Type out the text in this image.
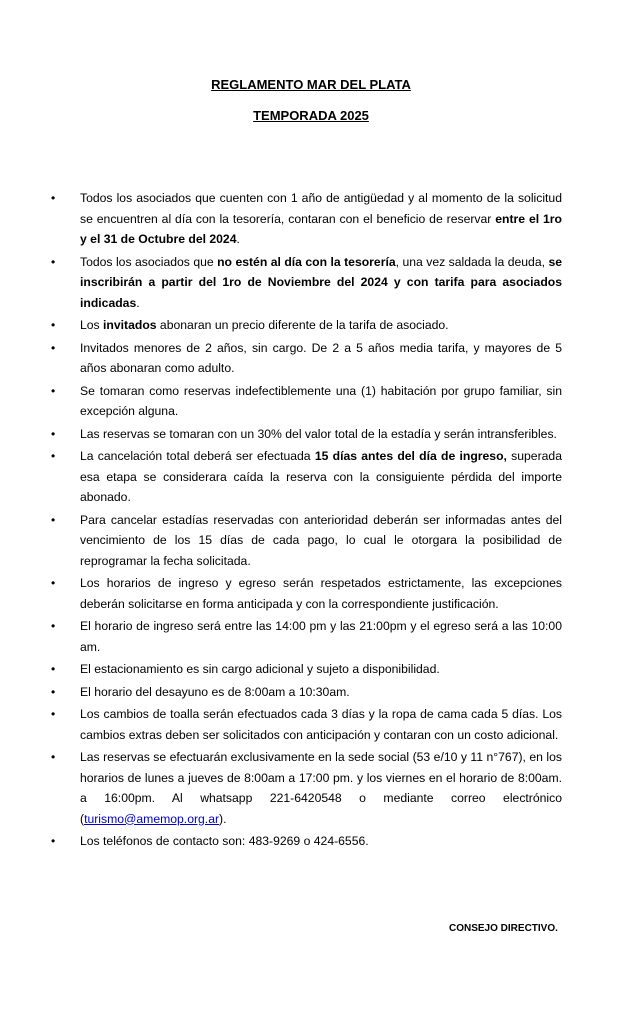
REGLAMENTO MAR DEL PLATA
TEMPORADA 2025
• Todos los asociados que cuenten con 1 año de antigüedad y al momento de la solicitud se encuentren al día con la tesorería, contaran con el beneficio de reservar entre el 1ro y el 31 de Octubre del 2024.
• Todos los asociados que no estén al día con la tesorería, una vez saldada la deuda, se inscribirán a partir del 1ro de Noviembre del 2024 y con tarifa para asociados indicadas.
• Los invitados abonaran un precio diferente de la tarifa de asociado.
• Invitados menores de 2 años, sin cargo. De 2 a 5 años media tarifa, y mayores de 5 años abonaran como adulto.
• Se tomaran como reservas indefectiblemente una (1) habitación por grupo familiar, sin excepción alguna.
• Las reservas se tomaran con un 30% del valor total de la estadía y serán intransferibles.
• La cancelación total deberá ser efectuada 15 días antes del día de ingreso, superada esa etapa se considerara caída la reserva con la consiguiente pérdida del importe abonado.
• Para cancelar estadías reservadas con anterioridad deberán ser informadas antes del vencimiento de los 15 días de cada pago, lo cual le otorgara la posibilidad de reprogramar la fecha solicitada.
• Los horarios de ingreso y egreso serán respetados estrictamente, las excepciones deberán solicitarse en forma anticipada y con la correspondiente justificación.
• El horario de ingreso será entre las 14:00 pm y las 21:00pm y el egreso será a las 10:00 am.
• El estacionamiento es sin cargo adicional y sujeto a disponibilidad.
• El horario del desayuno es de 8:00am a 10:30am.
• Los cambios de toalla serán efectuados cada 3 días y la ropa de cama cada 5 días. Los cambios extras deben ser solicitados con anticipación y contaran con un costo adicional.
• Las reservas se efectuarán exclusivamente en la sede social (53 e/10 y 11 n°767), en los horarios de lunes a jueves de 8:00am a 17:00 pm. y los viernes en el horario de 8:00am. a 16:00pm. Al whatsapp 221-6420548 o mediante correo electrónico (turismo@amemop.org.ar).
• Los teléfonos de contacto son: 483-9269 o 424-6556.
CONSEJO DIRECTIVO.
